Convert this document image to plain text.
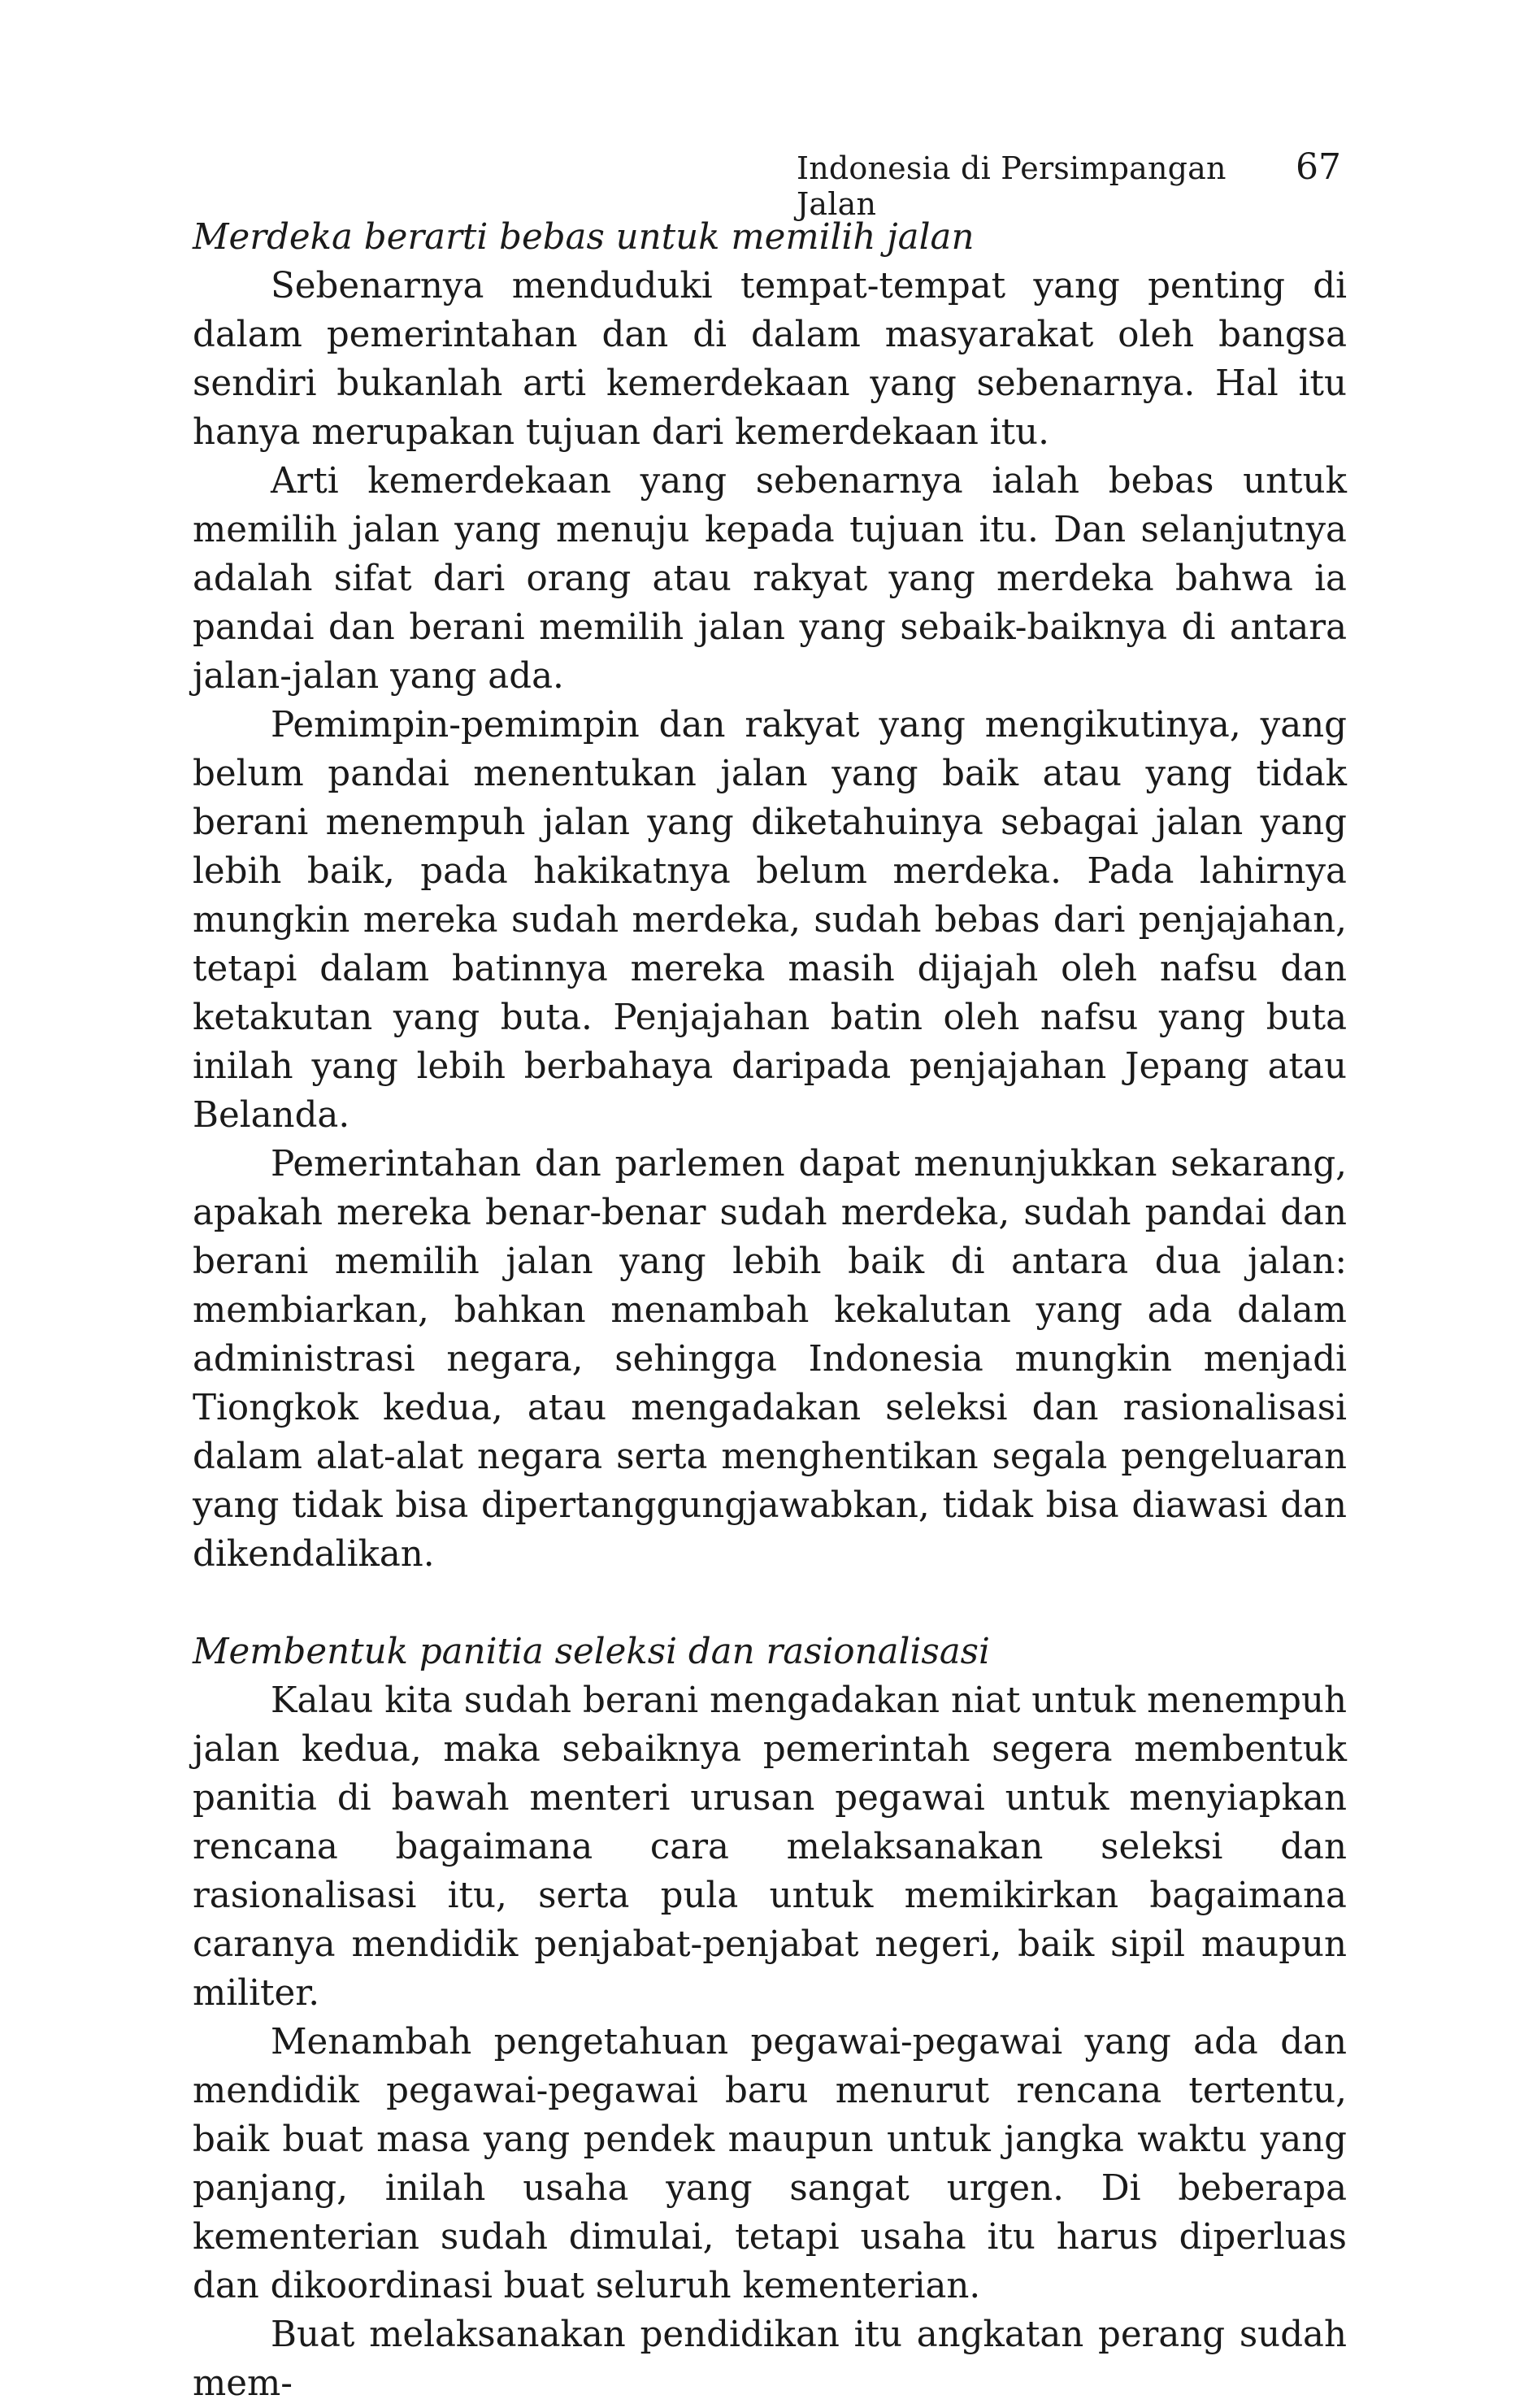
Indonesia di Persimpangan Jalan
67
Merdeka berarti bebas untuk memilih jalan

Sebenarnya menduduki tempat-tempat yang penting di dalam pemerintahan dan di dalam masyarakat oleh bangsa sendiri bukanlah arti kemerdekaan yang sebenarnya. Hal itu hanya merupakan tujuan dari kemerdekaan itu.

Arti kemerdekaan yang sebenarnya ialah bebas untuk memilih jalan yang menuju kepada tujuan itu. Dan selanjutnya adalah sifat dari orang atau rakyat yang merdeka bahwa ia pandai dan berani memilih jalan yang sebaik-baiknya di antara jalan-jalan yang ada.

Pemimpin-pemimpin dan rakyat yang mengikutinya, yang belum pandai menentukan jalan yang baik atau yang tidak berani menempuh jalan yang diketahuinya sebagai jalan yang lebih baik, pada hakikatnya belum merdeka. Pada lahirnya mungkin mereka sudah merdeka, sudah bebas dari penjajahan, tetapi dalam batinnya mereka masih dijajah oleh nafsu dan ketakutan yang buta. Penjajahan batin oleh nafsu yang buta inilah yang lebih berbahaya daripada penjajahan Jepang atau Belanda.

Pemerintahan dan parlemen dapat menunjukkan sekarang, apakah mereka benar-benar sudah merdeka, sudah pandai dan berani memilih jalan yang lebih baik di antara dua jalan: membiarkan, bahkan menambah kekalutan yang ada dalam administrasi negara, sehingga Indonesia mungkin menjadi Tiongkok kedua, atau mengadakan seleksi dan rasionalisasi dalam alat-alat negara serta menghentikan segala pengeluaran yang tidak bisa dipertanggungjawabkan, tidak bisa diawasi dan dikendalikan.

Membentuk panitia seleksi dan rasionalisasi

Kalau kita sudah berani mengadakan niat untuk menempuh jalan kedua, maka sebaiknya pemerintah segera membentuk panitia di bawah menteri urusan pegawai untuk menyiapkan rencana bagaimana cara melaksanakan seleksi dan rasionalisasi itu, serta pula untuk memikirkan bagaimana caranya mendidik penjabat-penjabat negeri, baik sipil maupun militer.

Menambah pengetahuan pegawai-pegawai yang ada dan mendidik pegawai-pegawai baru menurut rencana tertentu, baik buat masa yang pendek maupun untuk jangka waktu yang panjang, inilah usaha yang sangat urgen. Di beberapa kementerian sudah dimulai, tetapi usaha itu harus diperluas dan dikoordinasi buat seluruh kementerian.

Buat melaksanakan pendidikan itu angkatan perang sudah mem-
